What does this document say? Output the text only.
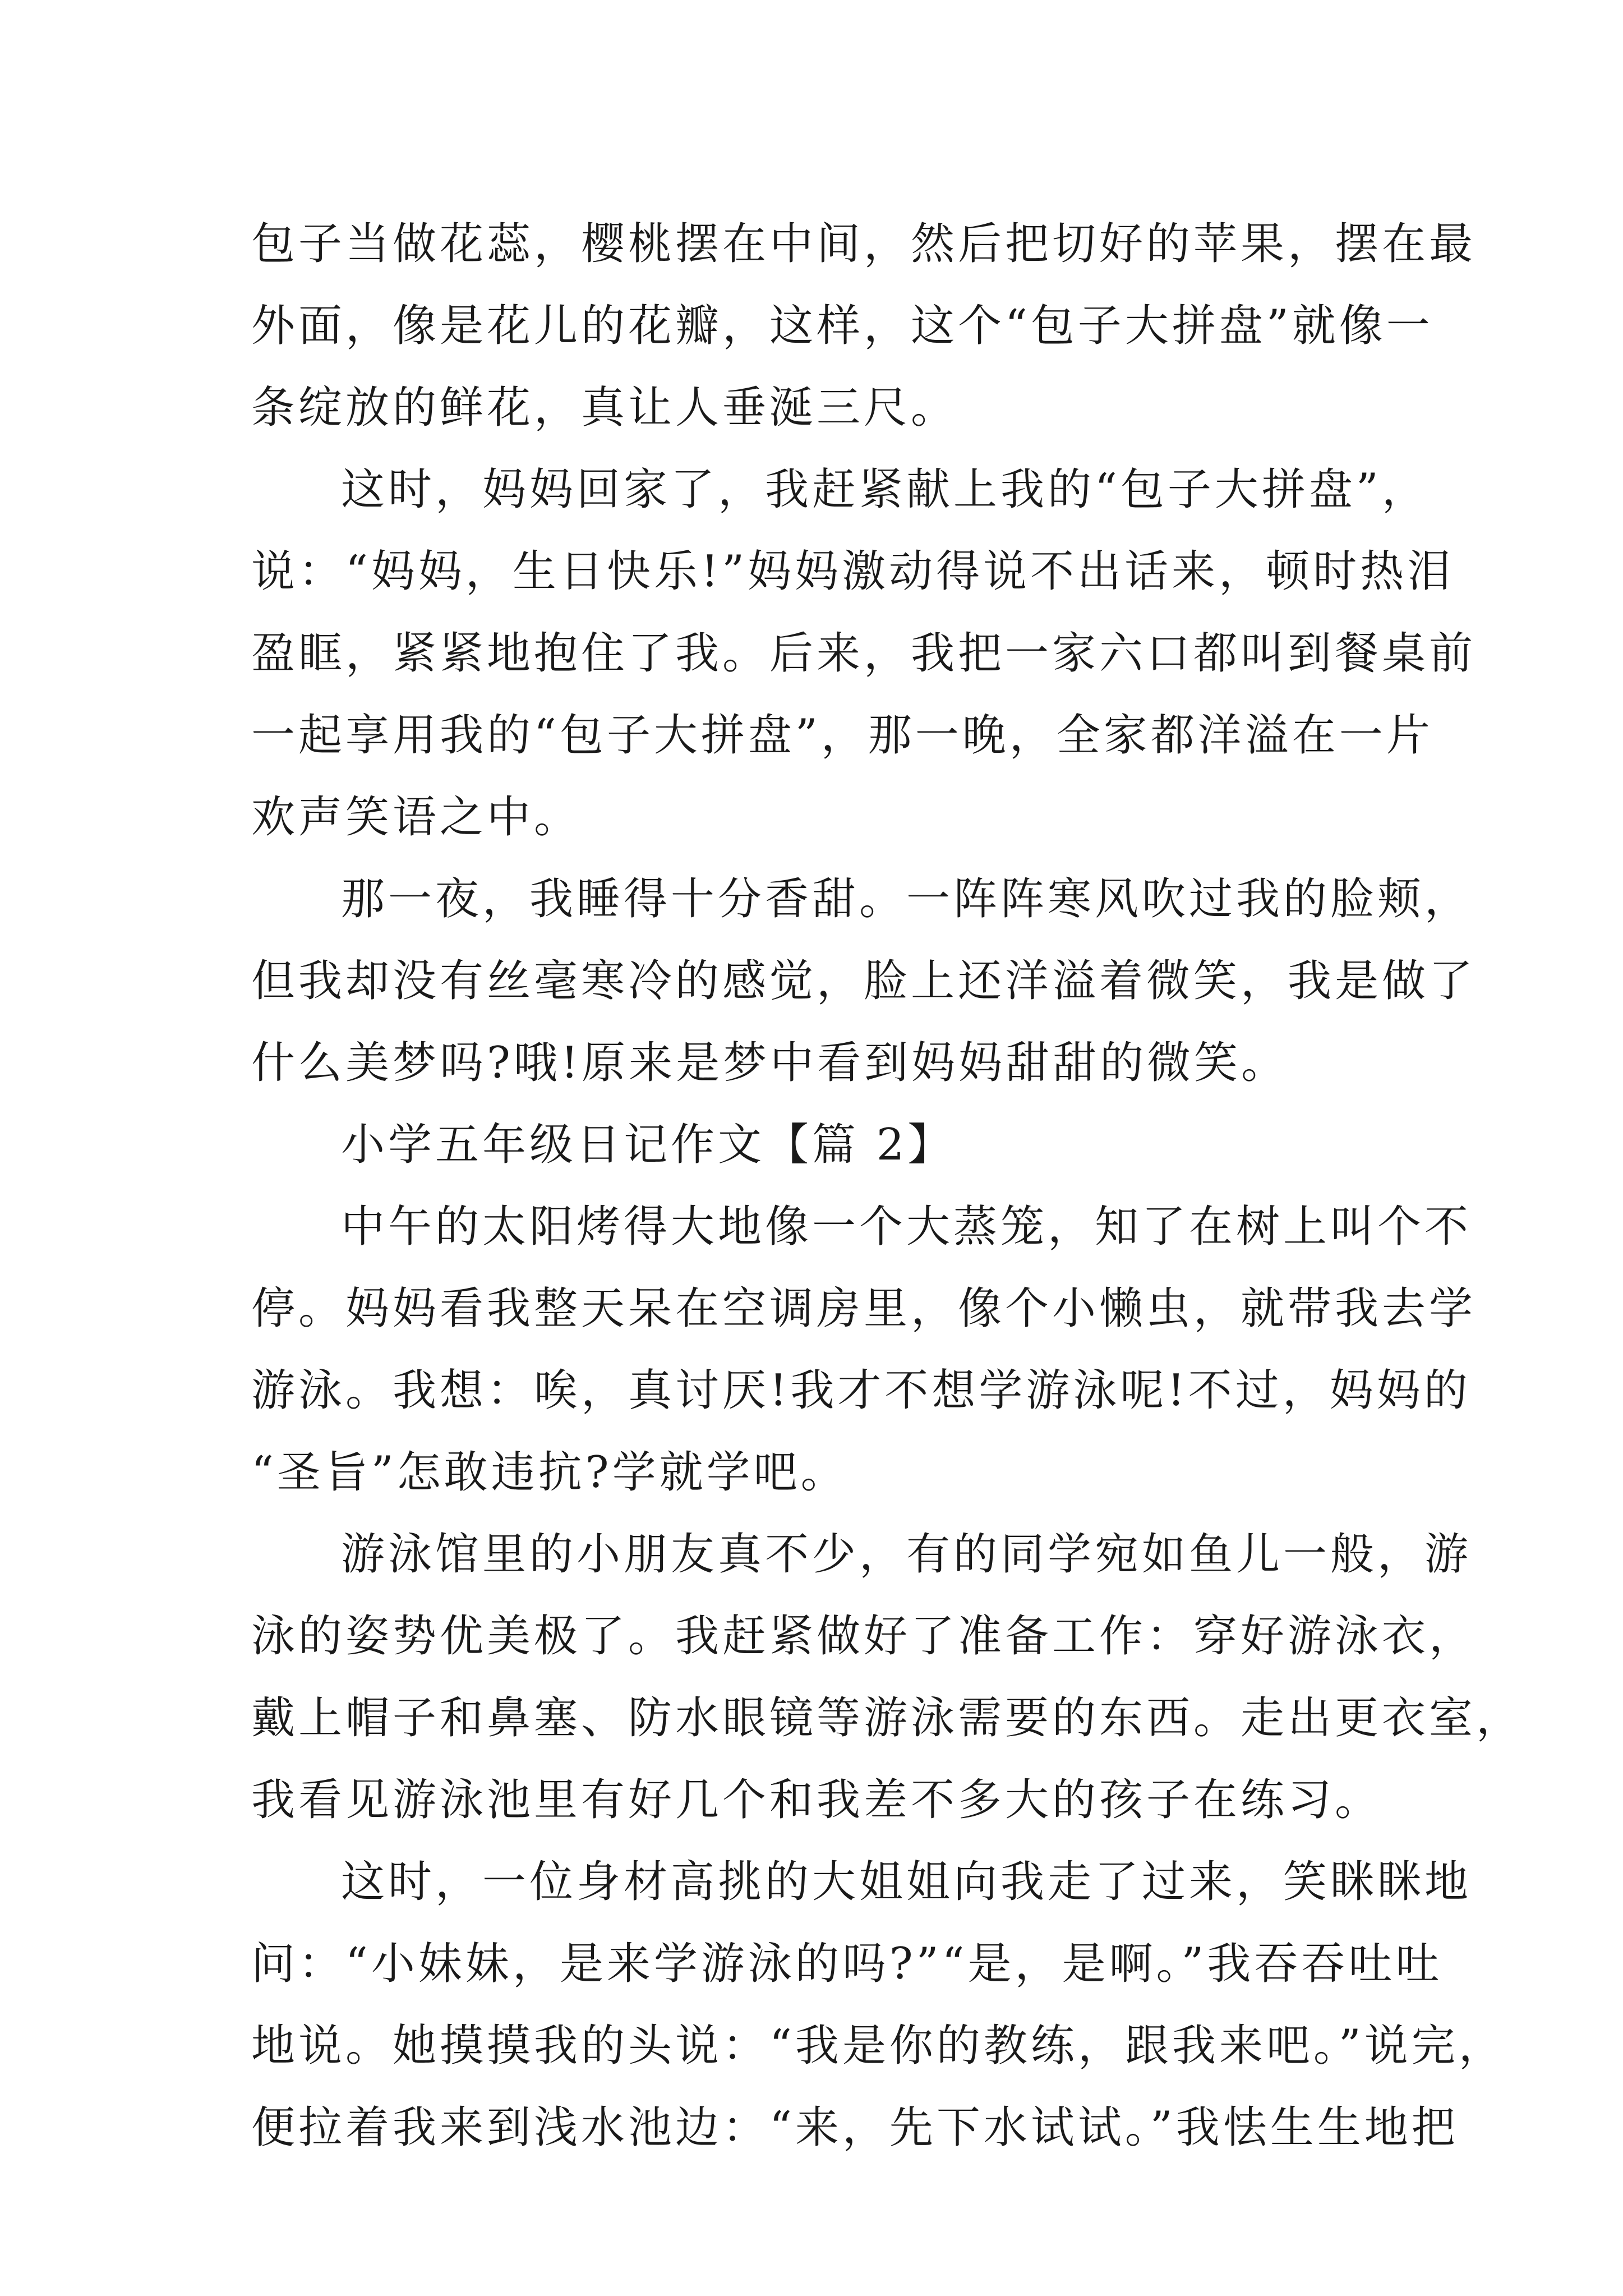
包子当做花蕊，樱桃摆在中间，然后把切好的苹果，摆在最
外面，像是花儿的花瓣，这样，这个“包子大拼盘”就像一
条绽放的鲜花，真让人垂涎三尺。
这时，妈妈回家了，我赶紧献上我的“包子大拼盘”，
说：“妈妈，生日快乐!”妈妈激动得说不出话来，顿时热泪
盈眶，紧紧地抱住了我。后来，我把一家六口都叫到餐桌前
一起享用我的“包子大拼盘”，那一晚，全家都洋溢在一片
欢声笑语之中。
那一夜，我睡得十分香甜。一阵阵寒风吹过我的脸颊，
但我却没有丝毫寒冷的感觉，脸上还洋溢着微笑，我是做了
什么美梦吗?哦!原来是梦中看到妈妈甜甜的微笑。
小学五年级日记作文【篇 2】
中午的太阳烤得大地像一个大蒸笼，知了在树上叫个不
停。妈妈看我整天呆在空调房里，像个小懒虫，就带我去学
游泳。我想：唉，真讨厌!我才不想学游泳呢!不过，妈妈的
“圣旨”怎敢违抗?学就学吧。
游泳馆里的小朋友真不少，有的同学宛如鱼儿一般，游
泳的姿势优美极了。我赶紧做好了准备工作：穿好游泳衣，
戴上帽子和鼻塞、防水眼镜等游泳需要的东西。走出更衣室，
我看见游泳池里有好几个和我差不多大的孩子在练习。
这时，一位身材高挑的大姐姐向我走了过来，笑眯眯地
问：“小妹妹，是来学游泳的吗?”“是，是啊。”我吞吞吐吐
地说。她摸摸我的头说：“我是你的教练，跟我来吧。”说完，
便拉着我来到浅水池边：“来，先下水试试。”我怯生生地把
